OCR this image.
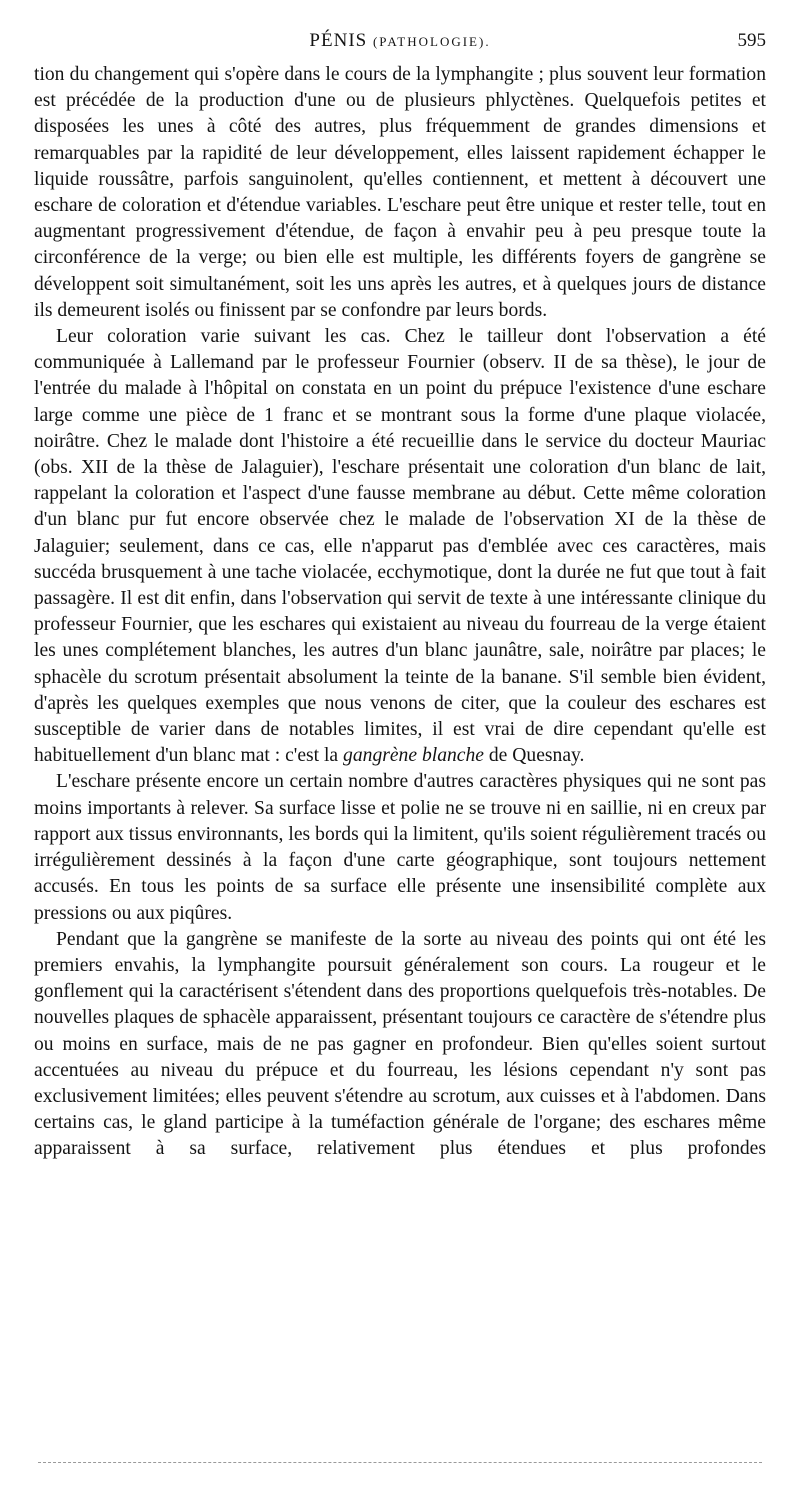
PÉNIS (PATHOLOGIE).	595

tion du changement qui s'opère dans le cours de la lymphangite ; plus souvent leur formation est précédée de la production d'une ou de plusieurs phlyctènes. Quelquefois petites et disposées les unes à côté des autres, plus fréquemment de grandes dimensions et remarquables par la rapidité de leur développement, elles laissent rapidement échapper le liquide roussâtre, parfois sanguinolent, qu'elles contiennent, et mettent à découvert une eschare de coloration et d'étendue variables. L'eschare peut être unique et rester telle, tout en augmentant progressivement d'étendue, de façon à envahir peu à peu presque toute la circonférence de la verge; ou bien elle est multiple, les différents foyers de gangrène se développent soit simultanément, soit les uns après les autres, et à quelques jours de distance ils demeurent isolés ou finissent par se confondre par leurs bords.

Leur coloration varie suivant les cas. Chez le tailleur dont l'observation a été communiquée à Lallemand par le professeur Fournier (observ. II de sa thèse), le jour de l'entrée du malade à l'hôpital on constata en un point du prépuce l'existence d'une eschare large comme une pièce de 1 franc et se montrant sous la forme d'une plaque violacée, noirâtre. Chez le malade dont l'histoire a été recueillie dans le service du docteur Mauriac (obs. XII de la thèse de Jalaguier), l'eschare présentait une coloration d'un blanc de lait, rappelant la coloration et l'aspect d'une fausse membrane au début. Cette même coloration d'un blanc pur fut encore observée chez le malade de l'observation XI de la thèse de Jalaguier; seulement, dans ce cas, elle n'apparut pas d'emblée avec ces caractères, mais succéda brusquement à une tache violacée, ecchymotique, dont la durée ne fut que tout à fait passagère. Il est dit enfin, dans l'observation qui servit de texte à une intéressante clinique du professeur Fournier, que les eschares qui existaient au niveau du fourreau de la verge étaient les unes complétement blanches, les autres d'un blanc jaunâtre, sale, noirâtre par places; le sphacèle du scrotum présentait absolument la teinte de la banane. S'il semble bien évident, d'après les quelques exemples que nous venons de citer, que la couleur des eschares est susceptible de varier dans de notables limites, il est vrai de dire cependant qu'elle est habituellement d'un blanc mat : c'est la gangrène blanche de Quesnay.

L'eschare présente encore un certain nombre d'autres caractères physiques qui ne sont pas moins importants à relever. Sa surface lisse et polie ne se trouve ni en saillie, ni en creux par rapport aux tissus environnants, les bords qui la limitent, qu'ils soient régulièrement tracés ou irrégulièrement dessinés à la façon d'une carte géographique, sont toujours nettement accusés. En tous les points de sa surface elle présente une insensibilité complète aux pressions ou aux piqûres.

Pendant que la gangrène se manifeste de la sorte au niveau des points qui ont été les premiers envahis, la lymphangite poursuit généralement son cours. La rougeur et le gonflement qui la caractérisent s'étendent dans des proportions quelquefois très-notables. De nouvelles plaques de sphacèle apparaissent, présentant toujours ce caractère de s'étendre plus ou moins en surface, mais de ne pas gagner en profondeur. Bien qu'elles soient surtout accentuées au niveau du prépuce et du fourreau, les lésions cependant n'y sont pas exclusivement limitées; elles peuvent s'étendre au scrotum, aux cuisses et à l'abdomen. Dans certains cas, le gland participe à la tuméfaction générale de l'organe; des eschares même apparaissent à sa surface, relativement plus étendues et plus profondes
